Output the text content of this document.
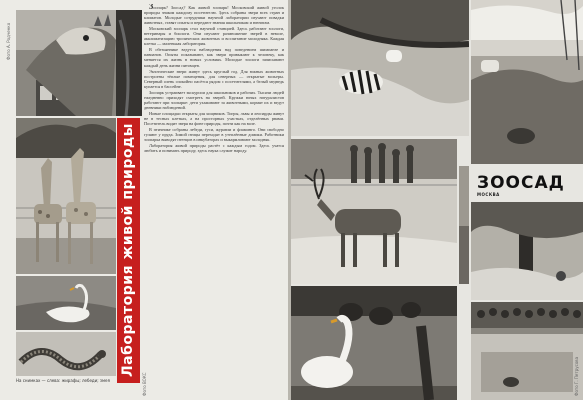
На снимках — слева: жирафы; лебеди; змея
Фото А. Родченко
Фото ВОКС
Лаборатория живой природы

Зоопарк? Зоосад? Как живой зоопарк! Московский живой уголок природы знаком каждому посетителю. Здесь собраны звери всех стран и климатов. Молодые сотрудники научной лаборатории изучают повадки животных, ставят опыты и передают знания школьникам и юннатам.

Московский зоопарк стал научной станцией. Здесь работают зоологи, ветеринары и биологи. Они изучают размножение зверей в неволе, акклиматизацию тропических животных и воспитание молодняка. Каждая клетка — маленькая лаборатория.

В обезьяннике ведутся наблюдения над поведением шимпанзе и павианов. Опыты показывают, как звери привыкают к человеку, как меняется их жизнь в новых условиях. Молодые зоологи записывают каждый день жизни питомцев.

Экзотические звери живут здесь круглый год. Для южных животных построены тёплые помещения, для северных — открытые вольеры. Северный олень спокойно пасётся рядом с посетителями, а белый медведь купается в бассейне.

Зоопарк устраивает экскурсии для школьников и рабочих. Тысячи людей ежедневно приходят смотреть на зверей. Кружки юных натуралистов работают при зоопарке: дети ухаживают за животными, кормят их и ведут дневники наблюдений.

Новые площадки открыты для хищников. Тигры, львы и леопарды живут не в тесных клетках, а на просторных участках, отделённых рвами. Посетитель видит зверя на фоне природы, почти как на воле.

В птичнике собраны лебеди, гуси, журавли и фламинго. Они свободно гуляют у пруда. Зимой птицы переходят в утеплённые домики. Работники зоопарка выводят птенцов в инкубаторах и выкармливают молодняк.

Лаборатория живой природы растёт с каждым годом. Здесь учатся любить и понимать природу, здесь наука служит народу.

ЗООСАД
МОСКВА
Фото Г. Петрусова
